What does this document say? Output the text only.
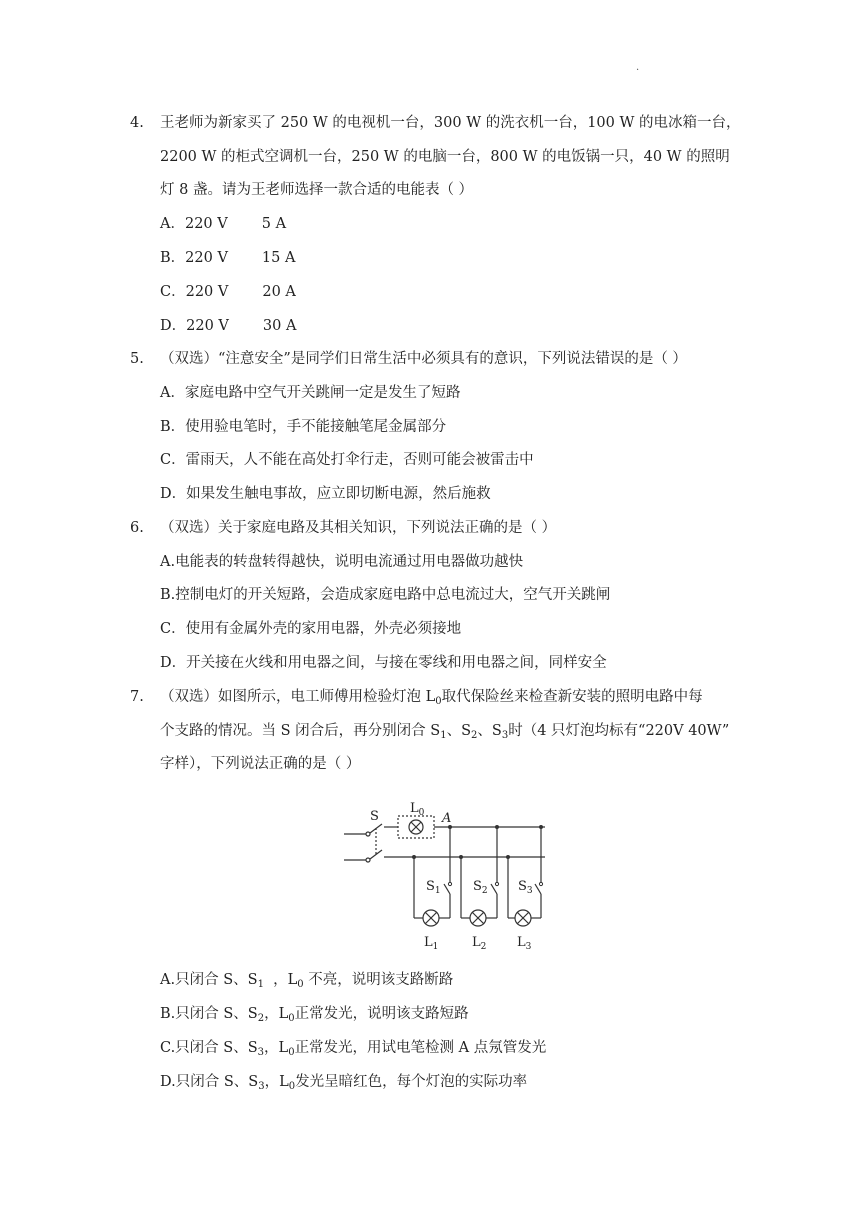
.
4. 王老师为新家买了 250 W 的电视机一台，300 W 的洗衣机一台，100 W 的电冰箱一台，
2200 W 的柜式空调机一台，250 W 的电脑一台，800 W 的电饭锅一只，40 W 的照明
灯 8 盏。请为王老师选择一款合适的电能表（ ）
A．220 V 5 A
B．220 V 15 A
C．220 V 20 A
D．220 V 30 A
5. （双选）“注意安全”是同学们日常生活中必须具有的意识，下列说法错误的是（ ）
A．家庭电路中空气开关跳闸一定是发生了短路
B．使用验电笔时，手不能接触笔尾金属部分
C．雷雨天，人不能在高处打伞行走，否则可能会被雷击中
D．如果发生触电事故，应立即切断电源，然后施救
6. （双选）关于家庭电路及其相关知识，下列说法正确的是（ ）
A.电能表的转盘转得越快，说明电流通过用电器做功越快
B.控制电灯的开关短路，会造成家庭电路中总电流过大，空气开关跳闸
C．使用有金属外壳的家用电器，外壳必须接地
D．开关接在火线和用电器之间，与接在零线和用电器之间，同样安全
7. （双选）如图所示，电工师傅用检验灯泡 $L_0$取代保险丝来检查新安装的照明电路中每
个支路的情况。当 S 闭合后，再分别闭合 $S_1$、$S_2$、$S_3$时（4 只灯泡均标有“220V 40W”
字样），下列说法正确的是（ ）
S
$L_0$ A
$S_1$ $S_2$ $S_3$
$L_1$	$L_2$ $L_3$
A.只闭合 S、$S_1$ ，$L_0$ 不亮，说明该支路断路
B.只闭合 S、$S_2$，$L_0$正常发光，说明该支路短路
C.只闭合 S、$S_3$，$L_0$正常发光，用试电笔检测 A 点氖管发光
D.只闭合 S、$S_3$，$L_0$发光呈暗红色，每个灯泡的实际功率
